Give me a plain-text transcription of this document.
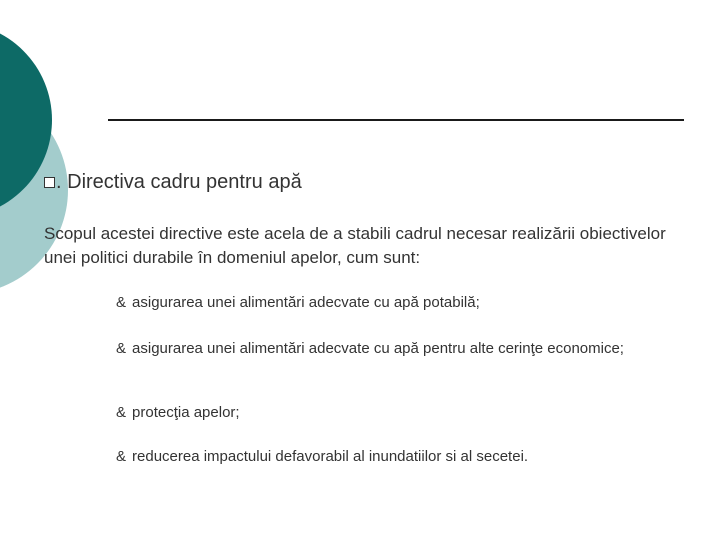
. Directiva cadru pentru apă
Scopul acestei directive este acela de a stabili cadrul necesar realizării obiectivelor unei politici durabile în domeniul apelor, cum sunt:
& asigurarea unei alimentări adecvate cu apă potabilă;
& asigurarea unei alimentări adecvate cu apă pentru alte cerinţe economice;
& protecţia apelor;
& reducerea impactului defavorabil al inundatiilor si al secetei.
